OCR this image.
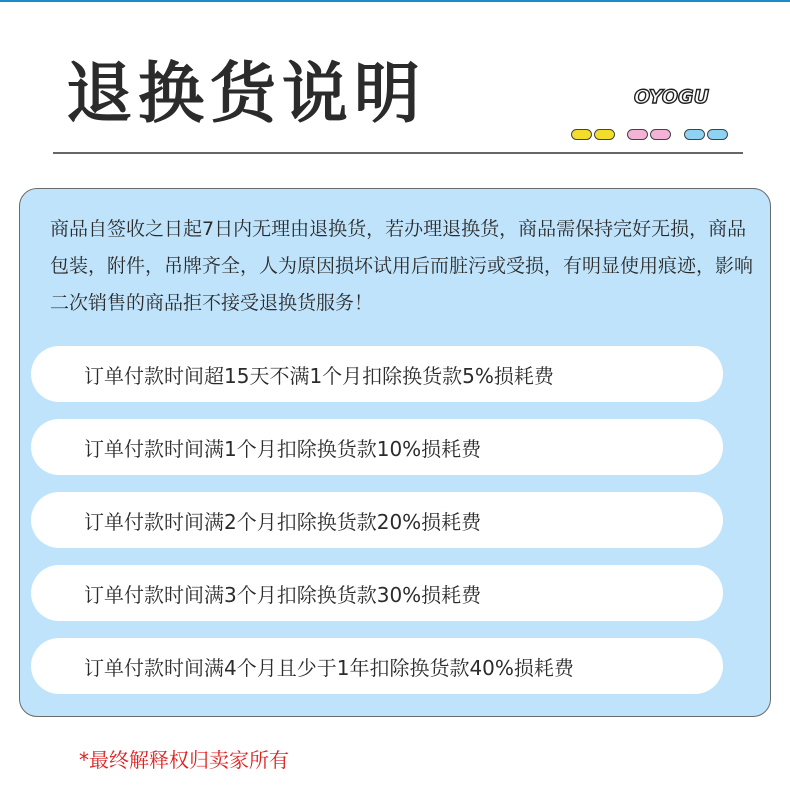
退换货说明	OYOGU
商品自签收之日起7日内无理由退换货，若办理退换货，商品需保持完好无损，商品包装，附件，吊牌齐全，人为原因损坏试用后而脏污或受损，有明显使用痕迹，影响二次销售的商品拒不接受退换货服务！
订单付款时间超15天不满1个月扣除换货款5%损耗费
订单付款时间满1个月扣除换货款10%损耗费
订单付款时间满2个月扣除换货款20%损耗费
订单付款时间满3个月扣除换货款30%损耗费
订单付款时间满4个月且少于1年扣除换货款40%损耗费
*最终解释权归卖家所有
